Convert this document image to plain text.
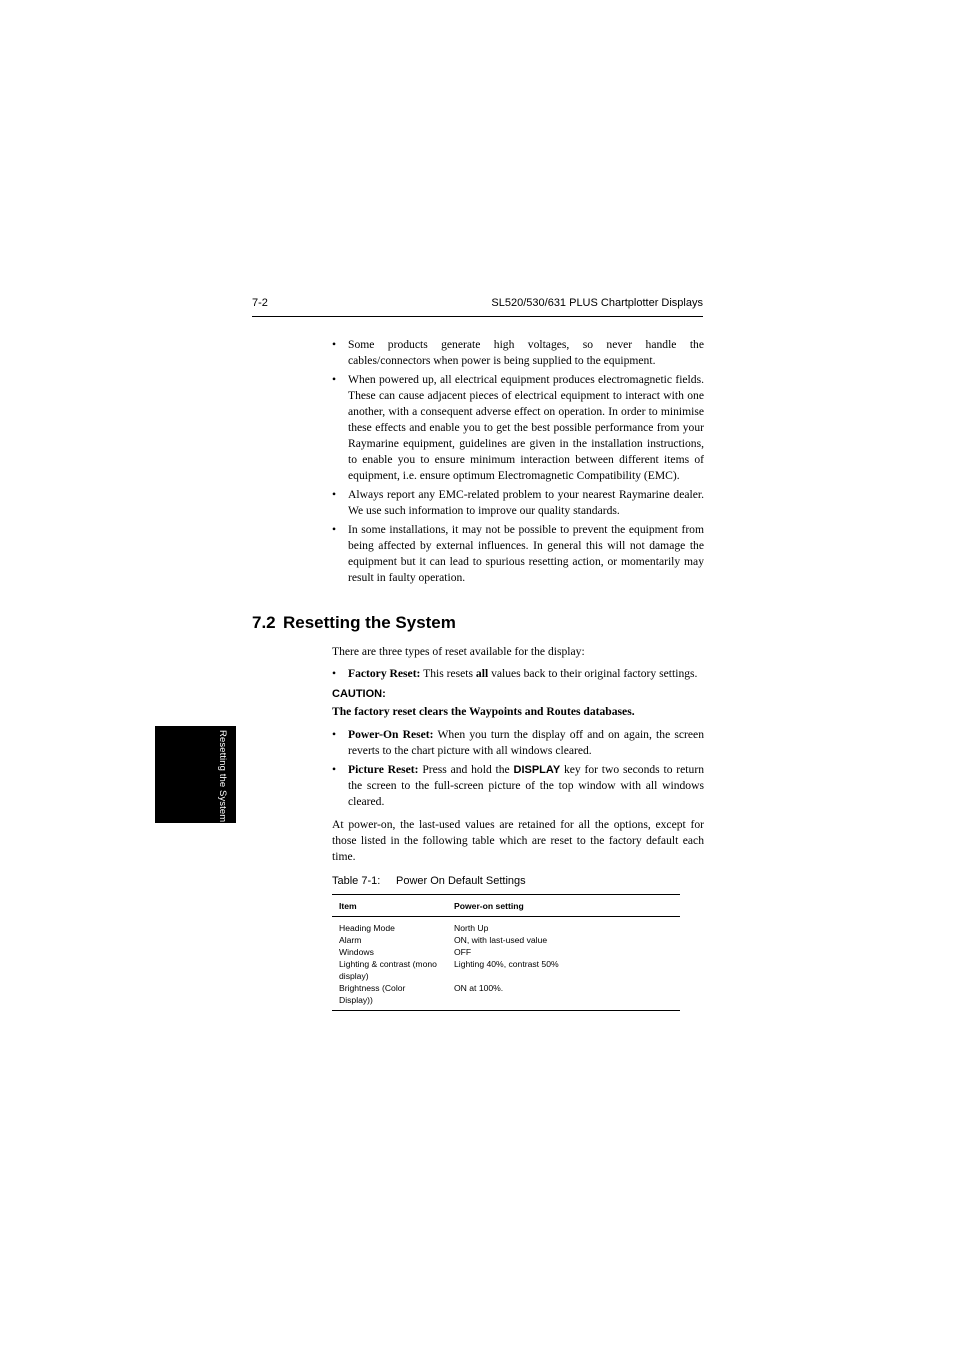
7-2	SL520/530/631 PLUS Chartplotter Displays
Resetting the System
• Some products generate high voltages, so never handle the cables/connectors when power is being supplied to the equipment.
• When powered up, all electrical equipment produces electromagnetic fields. These can cause adjacent pieces of electrical equipment to interact with one another, with a consequent adverse effect on operation. In order to minimise these effects and enable you to get the best possible performance from your Raymarine equipment, guidelines are given in the installation instructions, to enable you to ensure minimum interaction between different items of equipment, i.e. ensure optimum Electromagnetic Compatibility (EMC).
• Always report any EMC-related problem to your nearest Raymarine dealer. We use such information to improve our quality standards.
• In some installations, it may not be possible to prevent the equipment from being affected by external influences. In general this will not damage the equipment but it can lead to spurious resetting action, or momentarily may result in faulty operation.
7.2 Resetting the System
There are three types of reset available for the display:
• Factory Reset: This resets all values back to their original factory settings.
CAUTION:
The factory reset clears the Waypoints and Routes databases.
• Power-On Reset: When you turn the display off and on again, the screen reverts to the chart picture with all windows cleared.
• Picture Reset: Press and hold the DISPLAY key for two seconds to return the screen to the full-screen picture of the top window with all windows cleared.
At power-on, the last-used values are retained for all the options, except for those listed in the following table which are reset to the factory default each time.
Table 7-1: Power On Default Settings
Item	Power-on setting
Heading Mode	North Up
Alarm	ON, with last-used value
Windows	OFF
Lighting & contrast (mono display)	Lighting 40%, contrast 50%
Brightness (Color Display))	ON at 100%.
